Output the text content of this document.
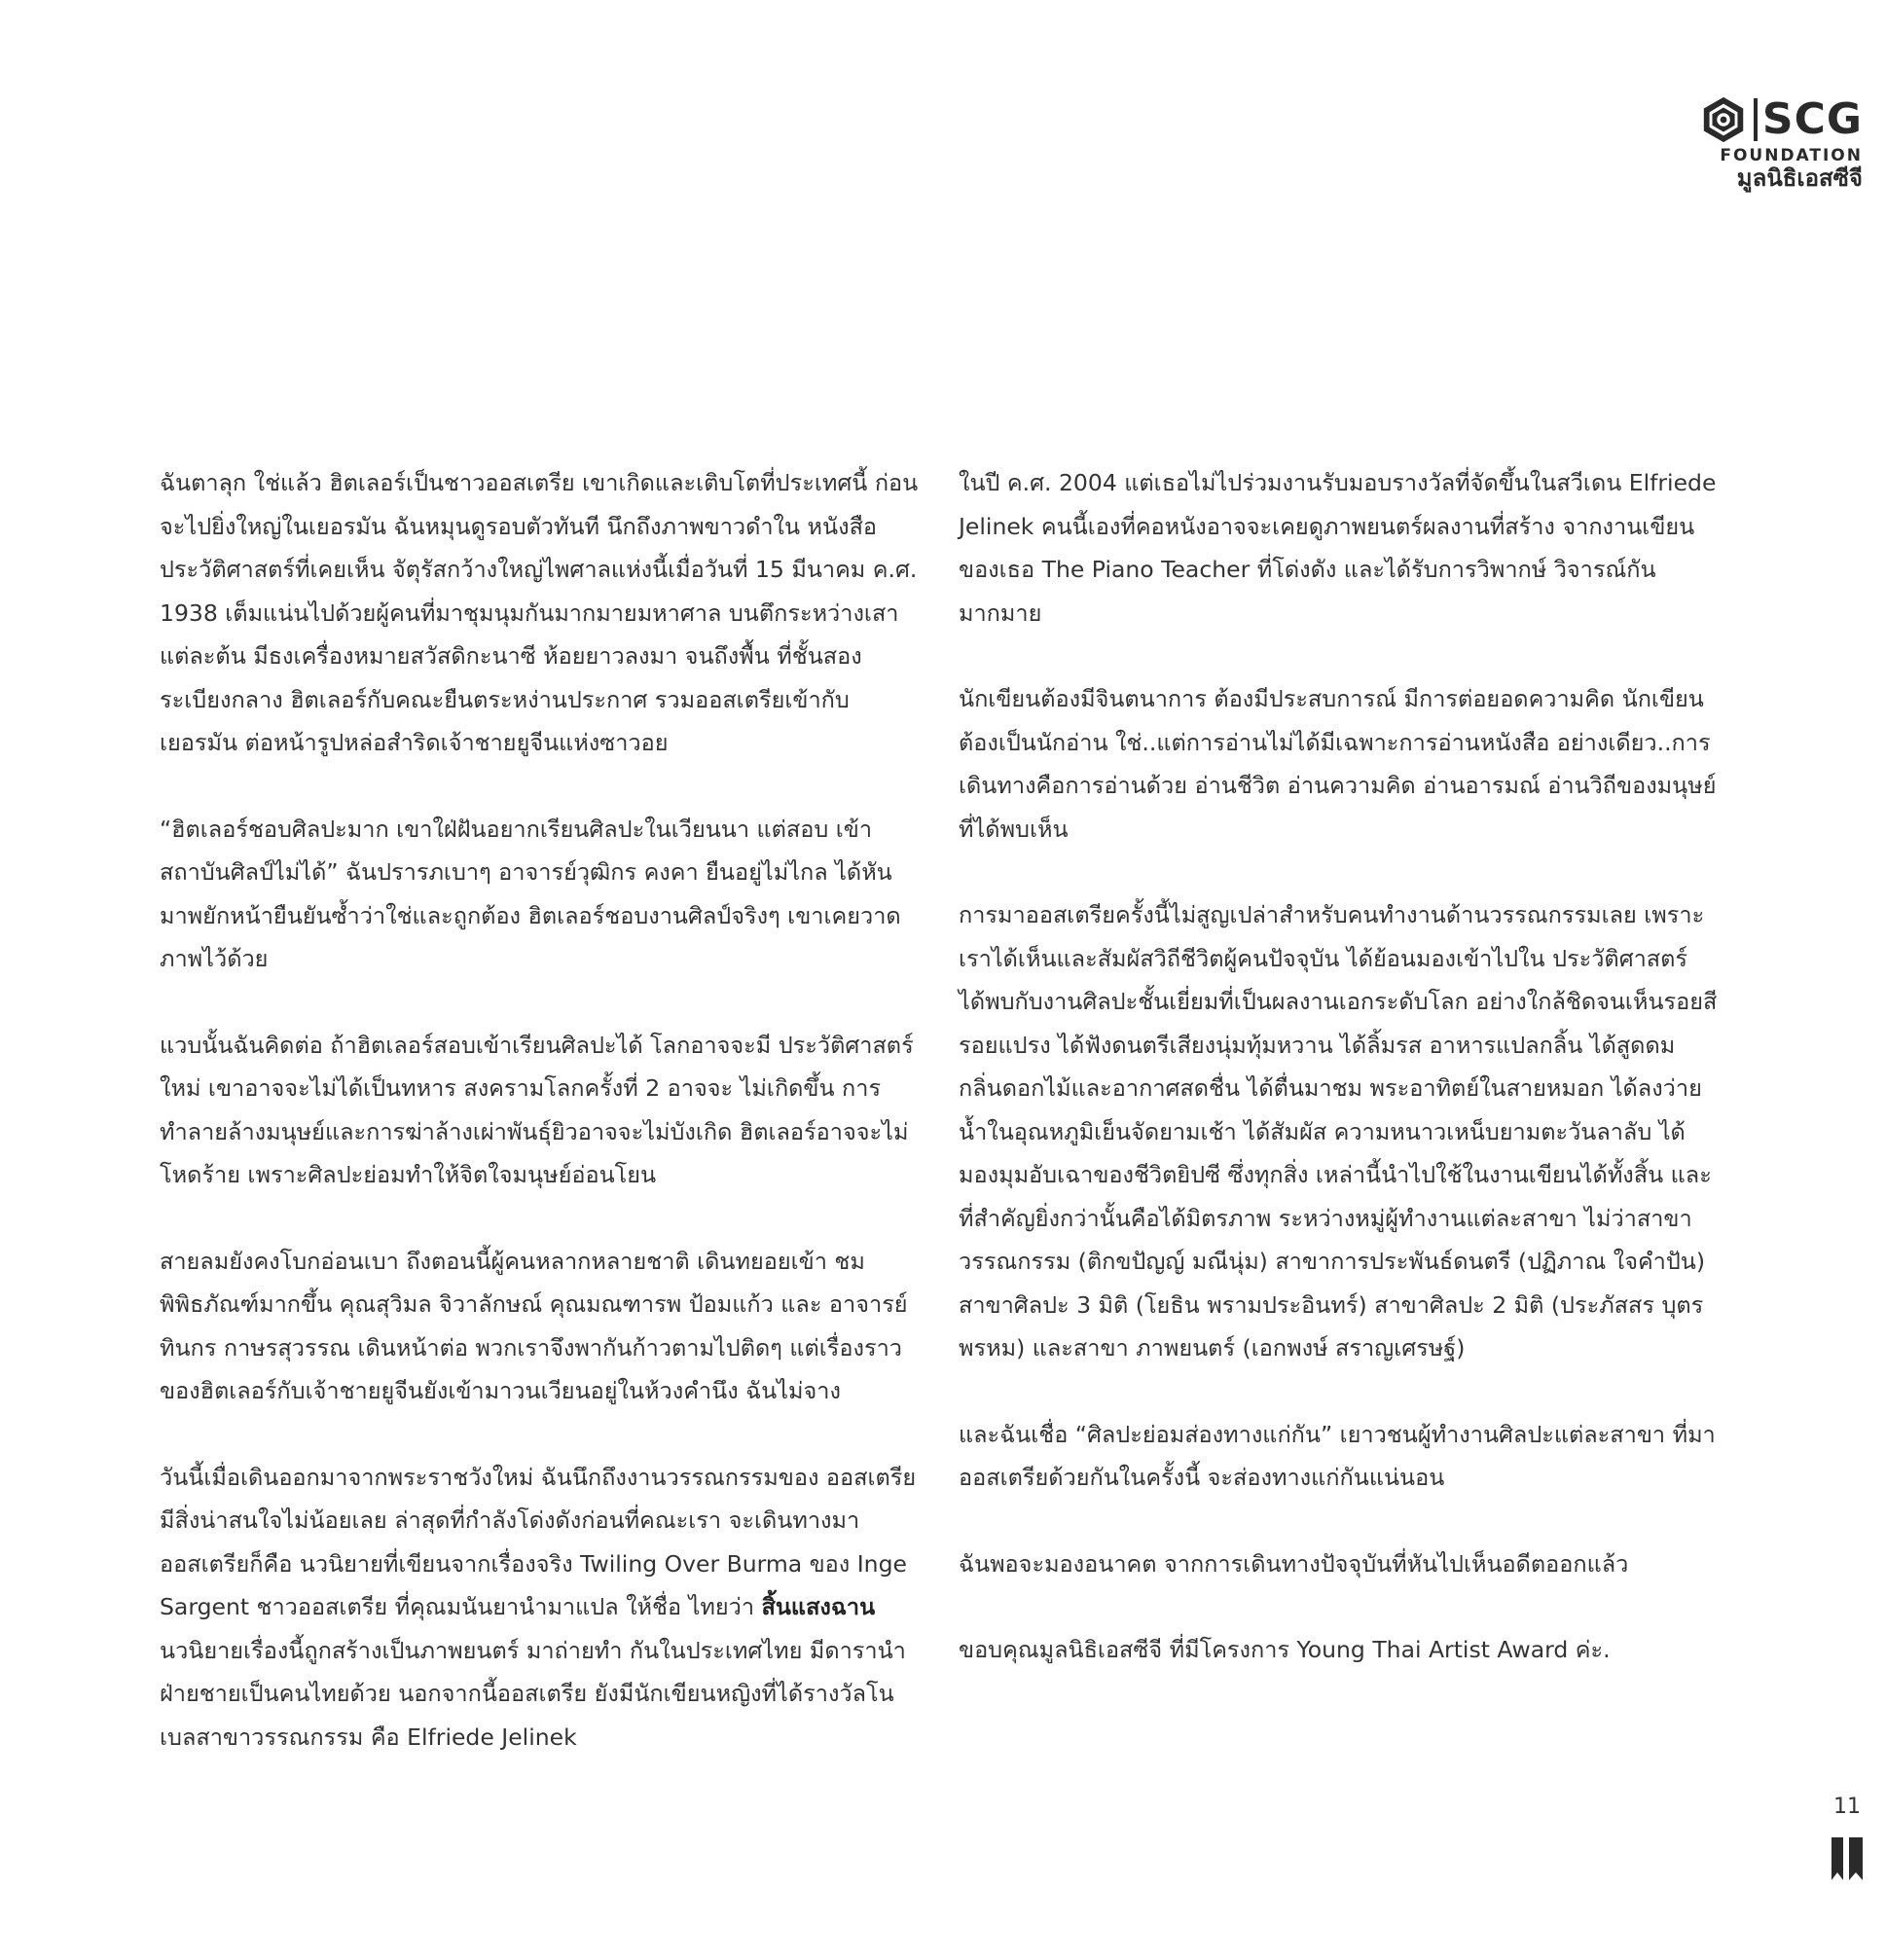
SCG
FOUNDATION
มูลนิธิเอสซีจี

ฉันตาลุก ใช่แล้ว ฮิตเลอร์เป็นชาวออสเตรีย เขาเกิดและเติบโตที่ประเทศนี้ ก่อนจะไปยิ่งใหญ่ในเยอรมัน ฉันหมุนดูรอบตัวทันที นึกถึงภาพขาวดำใน หนังสือประวัติศาสตร์ที่เคยเห็น จัตุรัสกว้างใหญ่ไพศาลแห่งนี้เมื่อวันที่ 15 มีนาคม ค.ศ. 1938 เต็มแน่นไปด้วยผู้คนที่มาชุมนุมกันมากมายมหาศาล บนตึกระหว่างเสาแต่ละต้น มีธงเครื่องหมายสวัสดิกะนาซี ห้อยยาวลงมา จนถึงพื้น ที่ชั้นสองระเบียงกลาง ฮิตเลอร์กับคณะยืนตระหง่านประกาศ รวมออสเตรียเข้ากับเยอรมัน ต่อหน้ารูปหล่อสำริดเจ้าชายยูจีนแห่งซาวอย

“ฮิตเลอร์ชอบศิลปะมาก เขาใฝ่ฝันอยากเรียนศิลปะในเวียนนา แต่สอบ เข้าสถาบันศิลป์ไม่ได้” ฉันปรารภเบาๆ อาจารย์วุฒิกร คงคา ยืนอยู่ไม่ไกล ได้หันมาพยักหน้ายืนยันซ้ำว่าใช่และถูกต้อง ฮิตเลอร์ชอบงานศิลป์จริงๆ เขาเคยวาดภาพไว้ด้วย

แวบนั้นฉันคิดต่อ ถ้าฮิตเลอร์สอบเข้าเรียนศิลปะได้ โลกอาจจะมี ประวัติศาสตร์ใหม่ เขาอาจจะไม่ได้เป็นทหาร สงครามโลกครั้งที่ 2 อาจจะ ไม่เกิดขึ้น การทำลายล้างมนุษย์และการฆ่าล้างเผ่าพันธุ์ยิวอาจจะไม่บังเกิด ฮิตเลอร์อาจจะไม่โหดร้าย เพราะศิลปะย่อมทำให้จิตใจมนุษย์อ่อนโยน

สายลมยังคงโบกอ่อนเบา ถึงตอนนี้ผู้คนหลากหลายชาติ เดินทยอยเข้า ชมพิพิธภัณฑ์มากขึ้น คุณสุวิมล จิวาลักษณ์ คุณมณฑารพ ป้อมแก้ว และ อาจารย์ทินกร กาษรสุวรรณ เดินหน้าต่อ พวกเราจึงพากันก้าวตามไปติดๆ แต่เรื่องราวของฮิตเลอร์กับเจ้าชายยูจีนยังเข้ามาวนเวียนอยู่ในห้วงคำนึง ฉันไม่จาง

วันนี้เมื่อเดินออกมาจากพระราชวังใหม่ ฉันนึกถึงงานวรรณกรรมของ ออสเตรีย มีสิ่งน่าสนใจไม่น้อยเลย ล่าสุดที่กำลังโด่งดังก่อนที่คณะเรา จะเดินทางมาออสเตรียก็คือ นวนิยายที่เขียนจากเรื่องจริง Twiling Over Burma ของ Inge Sargent ชาวออสเตรีย ที่คุณมนันยานำมาแปล ให้ชื่อ ไทยว่า สิ้นแสงฉาน นวนิยายเรื่องนี้ถูกสร้างเป็นภาพยนตร์ มาถ่ายทำ กันในประเทศไทย มีดารานำฝ่ายชายเป็นคนไทยด้วย นอกจากนี้ออสเตรีย ยังมีนักเขียนหญิงที่ได้รางวัลโนเบลสาขาวรรณกรรม คือ Elfriede Jelinek

ในปี ค.ศ. 2004 แต่เธอไม่ไปร่วมงานรับมอบรางวัลที่จัดขึ้นในสวีเดน Elfriede Jelinek คนนี้เองที่คอหนังอาจจะเคยดูภาพยนตร์ผลงานที่สร้าง จากงานเขียนของเธอ The Piano Teacher ที่โด่งดัง และได้รับการวิพากษ์ วิจารณ์กันมากมาย

นักเขียนต้องมีจินตนาการ ต้องมีประสบการณ์ มีการต่อยอดความคิด นักเขียนต้องเป็นนักอ่าน ใช่..แต่การอ่านไม่ได้มีเฉพาะการอ่านหนังสือ อย่างเดียว..การเดินทางคือการอ่านด้วย อ่านชีวิต อ่านความคิด อ่านอารมณ์ อ่านวิถีของมนุษย์ที่ได้พบเห็น

การมาออสเตรียครั้งนี้ไม่สูญเปล่าสำหรับคนทำงานด้านวรรณกรรมเลย เพราะเราได้เห็นและสัมผัสวิถีชีวิตผู้คนปัจจุบัน ได้ย้อนมองเข้าไปใน ประวัติศาสตร์ ได้พบกับงานศิลปะชั้นเยี่ยมที่เป็นผลงานเอกระดับโลก อย่างใกล้ชิดจนเห็นรอยสีรอยแปรง ได้ฟังดนตรีเสียงนุ่มทุ้มหวาน ได้ลิ้มรส อาหารแปลกลิ้น ได้สูดดมกลิ่นดอกไม้และอากาศสดชื่น ได้ตื่นมาชม พระอาทิตย์ในสายหมอก ได้ลงว่ายน้ำในอุณหภูมิเย็นจัดยามเช้า ได้สัมผัส ความหนาวเหน็บยามตะวันลาลับ ได้มองมุมอับเฉาของชีวิตยิปซี ซึ่งทุกสิ่ง เหล่านี้นำไปใช้ในงานเขียนได้ทั้งสิ้น และที่สำคัญยิ่งกว่านั้นคือได้มิตรภาพ ระหว่างหมู่ผู้ทำงานแต่ละสาขา ไม่ว่าสาขาวรรณกรรม (ติกขปัญญ์ มณีนุ่ม) สาขาการประพันธ์ดนตรี (ปฏิภาณ ใจคำปัน) สาขาศิลปะ 3 มิติ (โยธิน พรามประอินทร์) สาขาศิลปะ 2 มิติ (ประภัสสร บุตรพรหม) และสาขา ภาพยนตร์ (เอกพงษ์ สราญเศรษฐ์)

และฉันเชื่อ “ศิลปะย่อมส่องทางแก่กัน” เยาวชนผู้ทำงานศิลปะแต่ละสาขา ที่มาออสเตรียด้วยกันในครั้งนี้ จะส่องทางแก่กันแน่นอน

ฉันพอจะมองอนาคต จากการเดินทางปัจจุบันที่หันไปเห็นอดีตออกแล้ว

ขอบคุณมูลนิธิเอสซีจี ที่มีโครงการ Young Thai Artist Award ค่ะ.

11
